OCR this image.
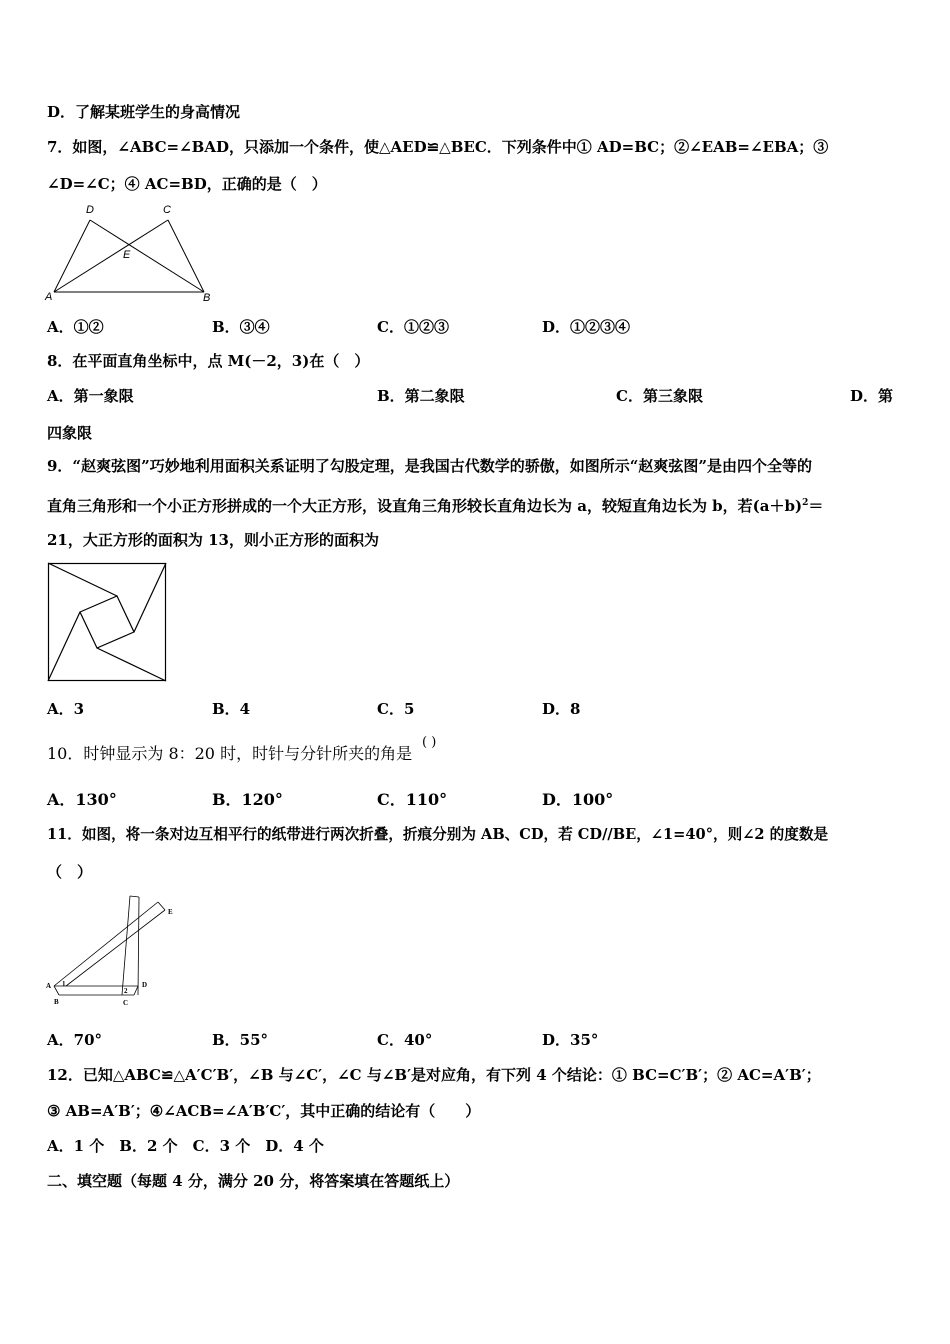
D．了解某班学生的身高情况
7．如图，∠ABC=∠BAD，只添加一个条件，使△AED≌△BEC．下列条件中① AD=BC；②∠EAB=∠EBA；③
∠D=∠C；④ AC=BD，正确的是（　）
A	B
C
D
E
A．①②	B．③④	C．①②③	D．①②③④
8．在平面直角坐标中，点 M(－2，3)在（　）
A．第一象限	B．第二象限	C．第三象限	D．第
四象限
9．“赵爽弦图”巧妙地利用面积关系证明了勾股定理，是我国古代数学的骄傲，如图所示“赵爽弦图”是由四个全等的
直角三角形和一个小正方形拼成的一个大正方形，设直角三角形较长直角边长为 a，较短直角边长为 b，若$(a+b)^2=$
21，大正方形的面积为 13，则小正方形的面积为
A．3	B．4	C．5	D．8
10．时钟显示为 8：20 时，时针与分针所夹的角是
( )
A．130°	B．120°	C．110°	D．100°
11．如图，将一条对边互相平行的纸带进行两次折叠，折痕分别为 AB、CD，若 CD//BE，∠1=40°，则∠2 的度数是
（　）
A
B	C
D
E
1
2
A．70°	B．55°	C．40°	D．35°
12．已知△ABC≌△A′C′B′，∠B 与∠C′，∠C 与∠B′是对应角，有下列 4 个结论：① BC=C′B′；② AC=A′B′；
③ AB=A′B′；④∠ACB=∠A′B′C′，其中正确的结论有（　　）
A．1 个　B．2 个　C．3 个　D．4 个
二、填空题（每题 4 分，满分 20 分，将答案填在答题纸上）
